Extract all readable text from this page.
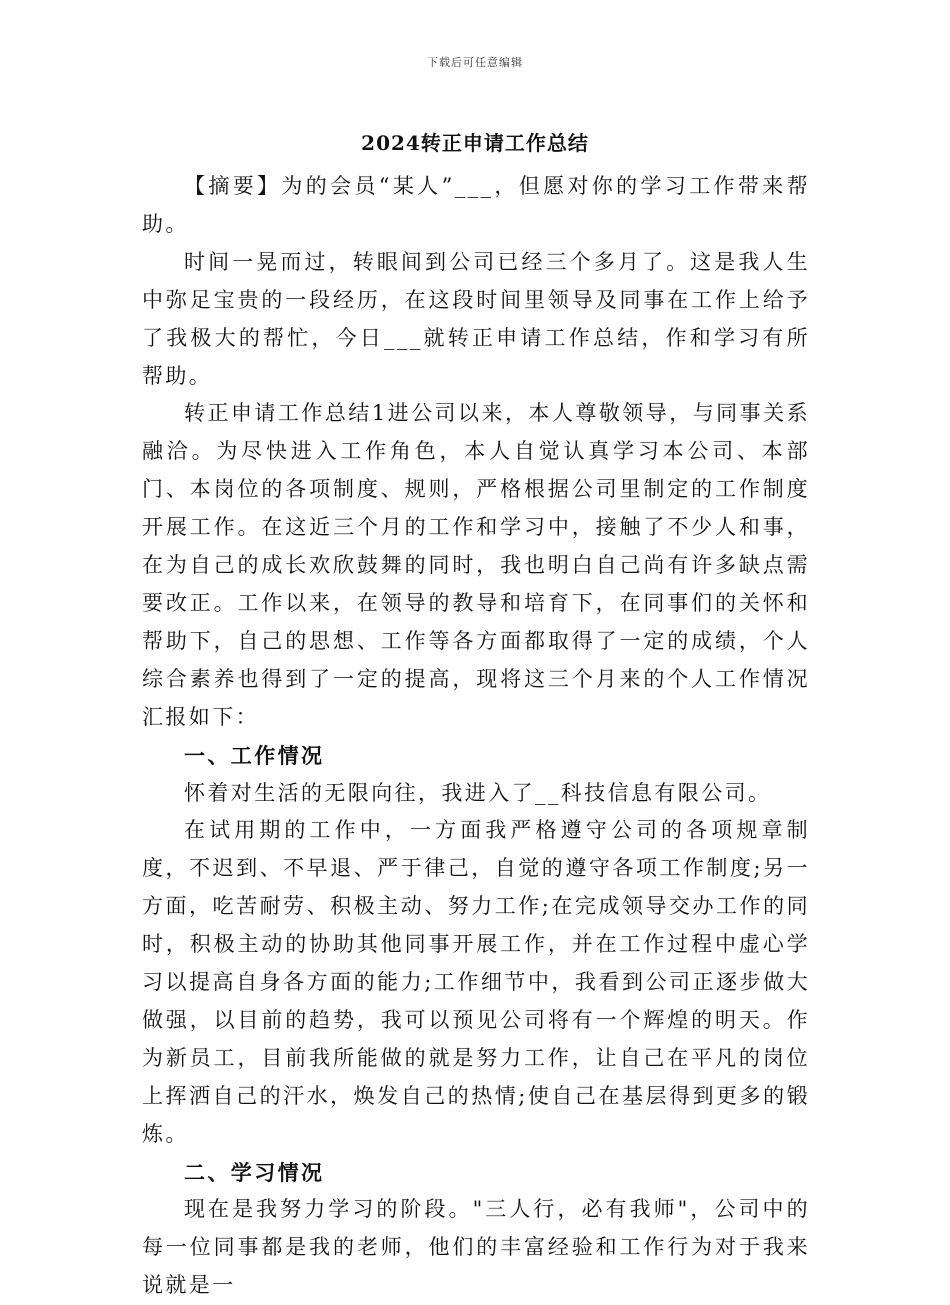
下载后可任意编辑
2024转正申请工作总结

【摘要】为的会员“某人”___，但愿对你的学习工作带来帮助。

时间一晃而过，转眼间到公司已经三个多月了。这是我人生中弥足宝贵的一段经历，在这段时间里领导及同事在工作上给予了我极大的帮忙，今日___就转正申请工作总结，作和学习有所帮助。

转正申请工作总结1进公司以来，本人尊敬领导，与同事关系融洽。为尽快进入工作角色，本人自觉认真学习本公司、本部门、本岗位的各项制度、规则，严格根据公司里制定的工作制度开展工作。在这近三个月的工作和学习中，接触了不少人和事，在为自己的成长欢欣鼓舞的同时，我也明白自己尚有许多缺点需要改正。工作以来，在领导的教导和培育下，在同事们的关怀和帮助下，自己的思想、工作等各方面都取得了一定的成绩，个人综合素养也得到了一定的提高，现将这三个月来的个人工作情况汇报如下：

一、工作情况

怀着对生活的无限向往，我进入了__科技信息有限公司。

在试用期的工作中，一方面我严格遵守公司的各项规章制度，不迟到、不早退、严于律己，自觉的遵守各项工作制度;另一方面，吃苦耐劳、积极主动、努力工作;在完成领导交办工作的同时，积极主动的协助其他同事开展工作，并在工作过程中虚心学习以提高自身各方面的能力;工作细节中，我看到公司正逐步做大做强，以目前的趋势，我可以预见公司将有一个辉煌的明天。作为新员工，目前我所能做的就是努力工作，让自己在平凡的岗位上挥洒自己的汗水，焕发自己的热情;使自己在基层得到更多的锻炼。

二、学习情况

现在是我努力学习的阶段。"三人行，必有我师"，公司中的每一位同事都是我的老师，他们的丰富经验和工作行为对于我来说就是一
